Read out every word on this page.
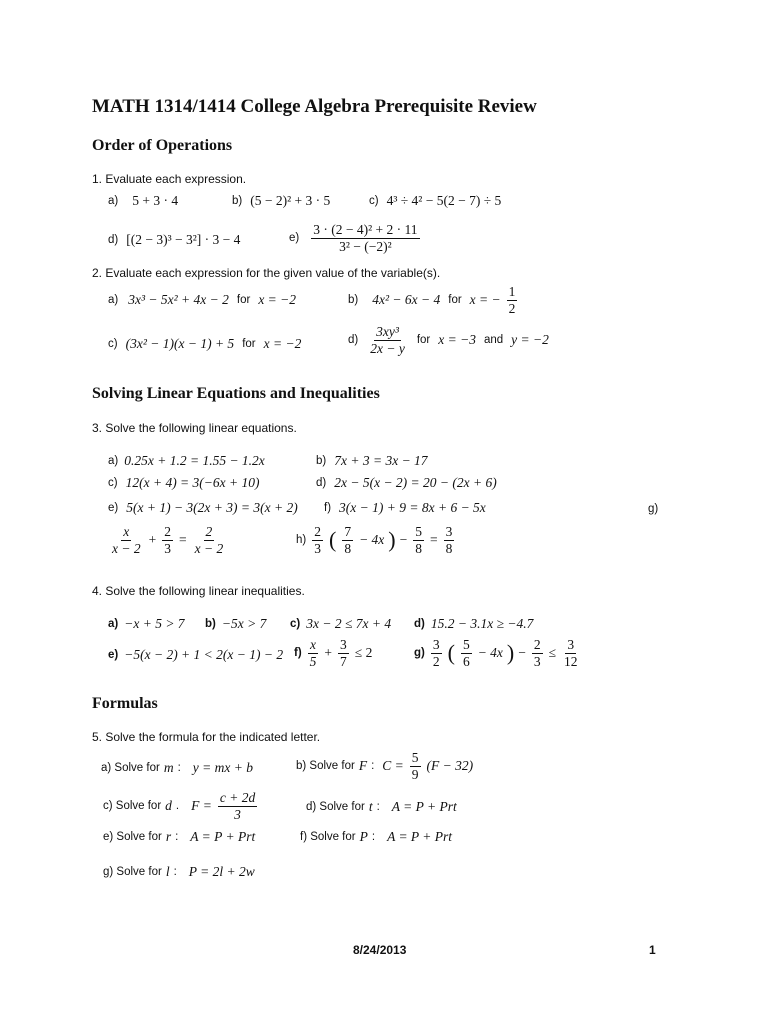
MATH 1314/1414 College Algebra Prerequisite Review
Order of Operations
1. Evaluate each expression.
a) 5 + 3 · 4	b) (5 − 2)² + 3 · 5	c) 4³ ÷ 4² − 5(2 − 7) ÷ 5
d) [(2 − 3)³ − 3²] · 3 − 4	$e) \frac{\text{3 · (2 − 4)² + 2 · 11}}{\text{3² − (−2)²}}$
2. Evaluate each expression for the given value of the variable(s).
a) 3x³ − 5x² + 4x − 2 for x = −2	b) 4x² − 6x − 4 for x = − $\frac{1}{2}$
c) (3x² − 1)(x − 1) + 5 for x = −2	$d) \frac{\text{3xy³}}{2x - y}$ for x = −3 and y = −2
Solving Linear Equations and Inequalities
3. Solve the following linear equations.
a) 0.25x + 1.2 = 1.55 − 1.2x	b) 7x + 3 = 3x − 17
c) 12(x + 4) = 3(−6x + 10)	d) 2x − 5(x − 2) = 20 − (2x + 6)
e) 5(x + 1) − 3(2x + 3) = 3(x + 2) f) 3(x − 1) + 9 = 8x + 6 − 5x	g)
$\frac{x}{x - 2} + \frac{2}{3} = \frac{2}{x - 2}$	$h) \frac{2}{3}$ ( $\frac{7}{8} - 4x$ ) − $\frac{5}{8} = \frac{3}{8}$
4. Solve the following linear inequalities.
a) −x + 5 > 7 b) −5x > 7 c) 3x − 2 ≤ 7x + 4 d) 15.2 − 3.1x ≥ −4.7
e) −5(x − 2) + 1 < 2(x − 1) − 2 $f) \frac{x}{5} + \frac{3}{7} \le 2$	$g) \frac{3}{2}$ ( $\frac{5}{6} - 4x$ ) − $\frac{2}{3} \le \frac{3}{12}$
Formulas
5. Solve the formula for the indicated letter.
a) Solve for m : y = mx + b	b) Solve for F : $C = \frac{5}{9} (F - 32)$
c) Solve for d . $F = \frac{c + 2d}{3}$	d) Solve for t : A = P + Prt
e) Solve for r : A = P + Prt	f) Solve for P : A = P + Prt
g) Solve for l : P = 2l + 2w
8/24/2013	1
